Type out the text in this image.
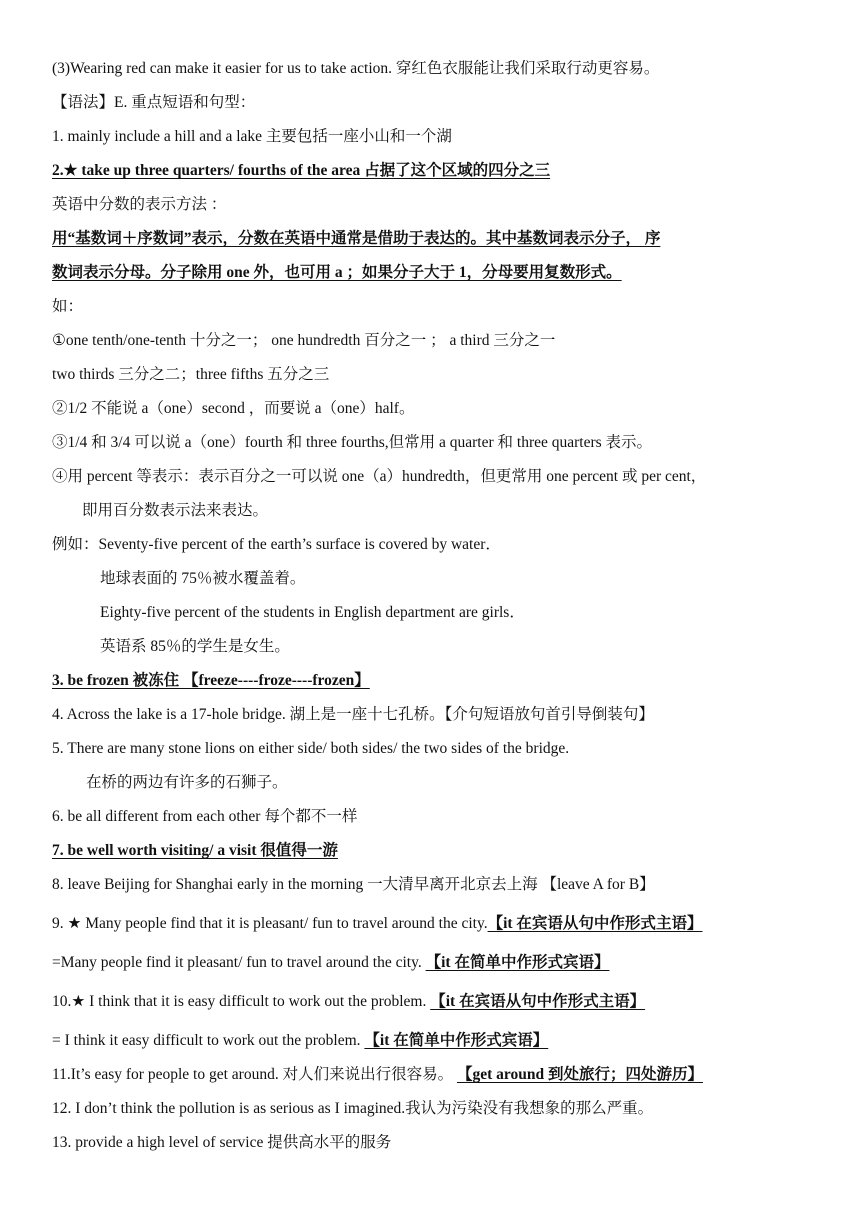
(3)Wearing red can make it easier for us to take action. 穿红色衣服能让我们采取行动更容易。
【语法】E. 重点短语和句型：
1. mainly include a hill and a lake 主要包括一座小山和一个湖
2.★ take up three quarters/ fourths of the area 占据了这个区域的四分之三
英语中分数的表示方法 ：
用“基数词＋序数词”表示，分数在英语中通常是借助于表达的。其中基数词表示分子， 序
数词表示分母。分子除用 one 外，也可用 a ；如果分子大于 1，分母要用复数形式。
如：
①one tenth/one-tenth 十分之一； one hundredth 百分之一 ； a third 三分之一
two thirds 三分之二；three fifths 五分之三
②1/2 不能说 a（one）second ，而要说 a（one）half。
③1/4 和 3/4 可以说 a（one）fourth 和 three fourths,但常用 a quarter 和 three quarters 表示。
④用 percent 等表示：表示百分之一可以说 one（a）hundredth，但更常用 one percent 或 per cent，
即用百分数表示法来表达。
例如：Seventy-five percent of the earth’s surface is covered by water．
地球表面的 75％被水覆盖着。
Eighty-five percent of the students in English department are girls．
英语系 85％的学生是女生。
3. be frozen 被冻住 【freeze----froze----frozen】
4. Across the lake is a 17-hole bridge. 湖上是一座十七孔桥。【介句短语放句首引导倒装句】
5. There are many stone lions on either side/ both sides/ the two sides of the bridge.
在桥的两边有许多的石狮子。
6. be all different from each other 每个都不一样
7. be well worth visiting/ a visit 很值得一游
8. leave Beijing for Shanghai early in the morning 一大清早离开北京去上海 【leave A for B】
9. ★ Many people find that it is pleasant/ fun to travel around the city.【it 在宾语从句中作形式主语】
=Many people find it pleasant/ fun to travel around the city. 【it 在简单中作形式宾语】
10.★ I think that it is easy difficult to work out the problem. 【it 在宾语从句中作形式主语】
= I think it easy difficult to work out the problem. 【it 在简单中作形式宾语】
11.It’s easy for people to get around. 对人们来说出行很容易。 【get around 到处旅行；四处游历】
12. I don’t think the pollution is as serious as I imagined.我认为污染没有我想象的那么严重。
13. provide a high level of service 提供高水平的服务
